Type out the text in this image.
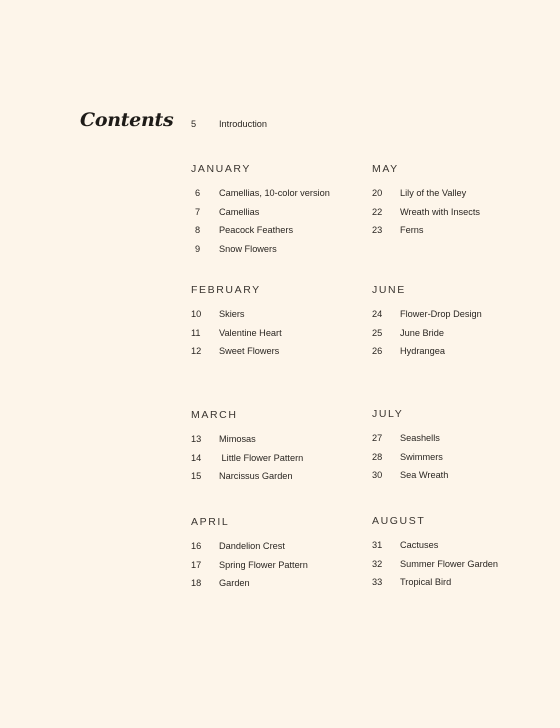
Contents 5 Introduction
JANUARY
6 Camellias, 10-color version
7 Camellias
8 Peacock Feathers
9 Snow Flowers
MAY
20 Lily of the Valley
22 Wreath with Insects
23 Ferns
FEBRUARY
10 Skiers
11 Valentine Heart
12 Sweet Flowers
JUNE
24 Flower-Drop Design
25 June Bride
26 Hydrangea
MARCH
13 Mimosas
14 Little Flower Pattern
15 Narcissus Garden
JULY
27 Seashells
28 Swimmers
30 Sea Wreath
APRIL
16 Dandelion Crest
17 Spring Flower Pattern
18 Garden
AUGUST
31 Cactuses
32 Summer Flower Garden
33 Tropical Bird
